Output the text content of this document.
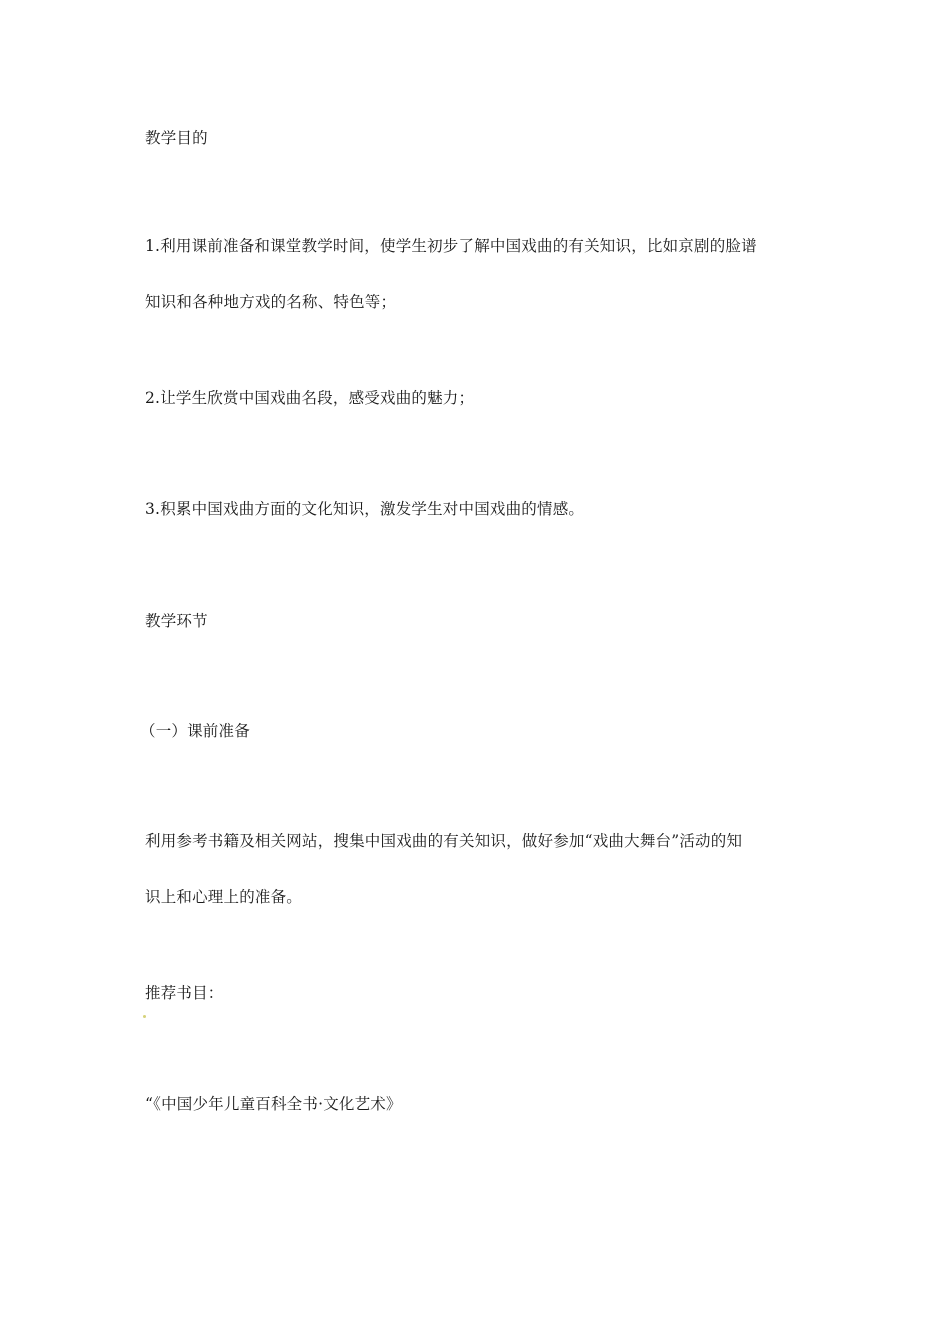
教学目的
1.利用课前准备和课堂教学时间，使学生初步了解中国戏曲的有关知识，比如京剧的脸谱
知识和各种地方戏的名称、特色等；
2.让学生欣赏中国戏曲名段，感受戏曲的魅力；
3.积累中国戏曲方面的文化知识，激发学生对中国戏曲的情感。
教学环节
（一）课前准备
利用参考书籍及相关网站，搜集中国戏曲的有关知识，做好参加“戏曲大舞台”活动的知
识上和心理上的准备。
推荐书目：
“《中国少年儿童百科全书·文化艺术》
